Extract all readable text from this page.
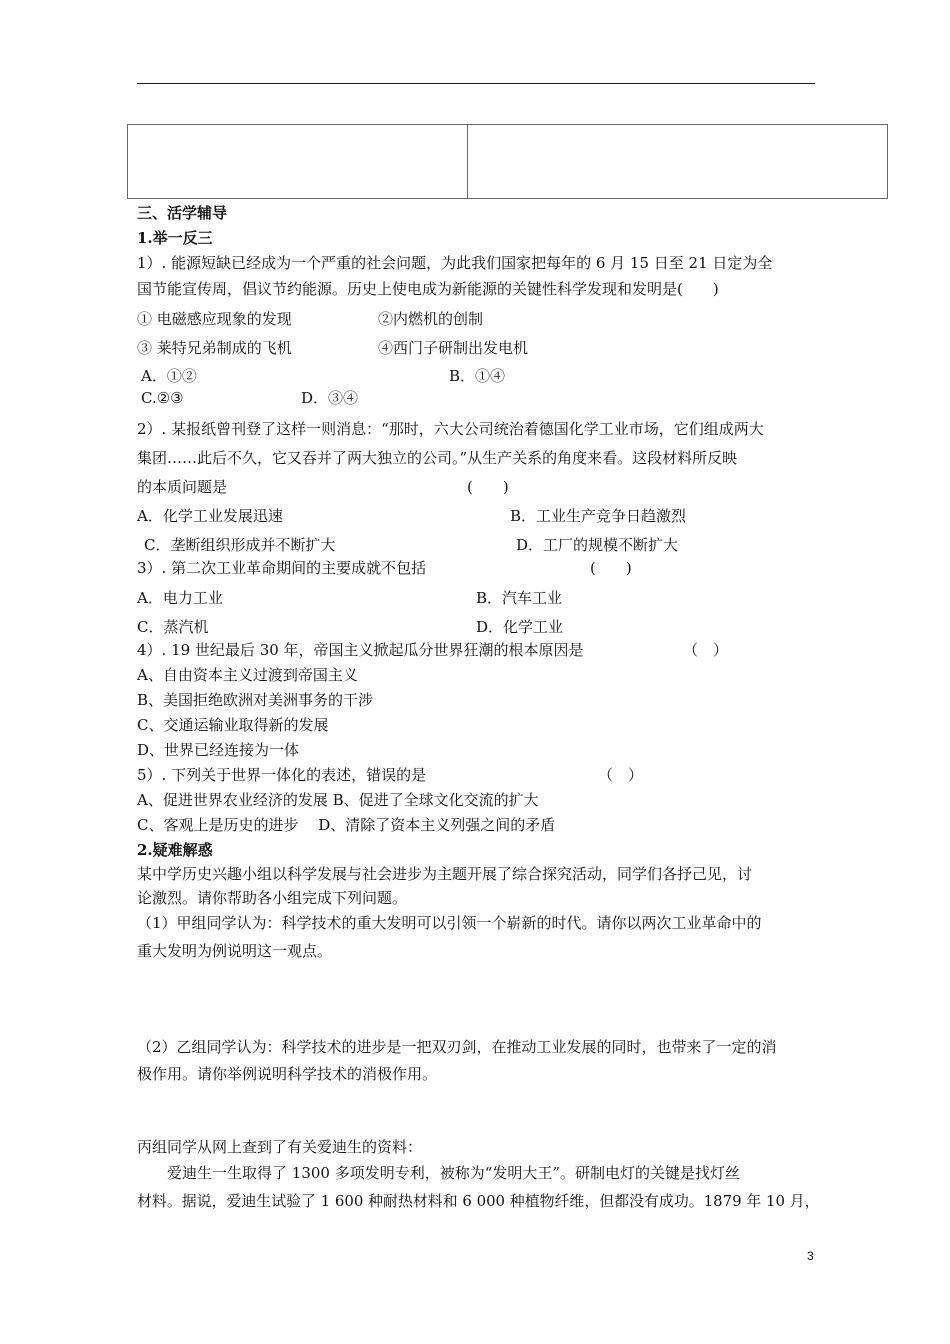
三、活学辅导
1.举一反三
1）. 能源短缺已经成为一个严重的社会问题，为此我们国家把每年的 6 月 15 日至 21 日定为全
国节能宣传周，倡议节约能源。历史上使电成为新能源的关键性科学发现和发明是(　　)
① 电磁感应现象的发现	②内燃机的创制
③ 莱特兄弟制成的飞机	④西门子研制出发电机
A．①②	B．①④
C.②③	D．③④
2）. 某报纸曾刊登了这样一则消息：“那时，六大公司统治着德国化学工业市场，它们组成两大
集团……此后不久，它又吞并了两大独立的公司。”从生产关系的角度来看。这段材料所反映
的本质问题是	(　　)
A．化学工业发展迅速	B．工业生产竞争日趋激烈
C．垄断组织形成并不断扩大	D．工厂的规模不断扩大
3）. 第二次工业革命期间的主要成就不包括	(　　)
A．电力工业	B．汽车工业
C．蒸汽机	D．化学工业
4）. 19 世纪最后 30 年，帝国主义掀起瓜分世界狂潮的根本原因是	（　）
A、自由资本主义过渡到帝国主义
B、美国拒绝欧洲对美洲事务的干涉
C、交通运输业取得新的发展
D、世界已经连接为一体
5）. 下列关于世界一体化的表述，错误的是	（　）
A、促进世界农业经济的发展 B、促进了全球文化交流的扩大
C、客观上是历史的进步　 D、清除了资本主义列强之间的矛盾
2.疑难解惑
某中学历史兴趣小组以科学发展与社会进步为主题开展了综合探究活动，同学们各抒己见，讨
论激烈。请你帮助各小组完成下列问题。
（1）甲组同学认为：科学技术的重大发明可以引领一个崭新的时代。请你以两次工业革命中的
重大发明为例说明这一观点。
（2）乙组同学认为：科学技术的进步是一把双刃剑，在推动工业发展的同时，也带来了一定的消
极作用。请你举例说明科学技术的消极作用。
丙组同学从网上查到了有关爱迪生的资料：
　　爱迪生一生取得了 1300 多项发明专利，被称为“发明大王”。研制电灯的关键是找灯丝
材料。据说，爱迪生试验了 1 600 种耐热材料和 6 000 种植物纤维，但都没有成功。1879 年 10 月，
3
